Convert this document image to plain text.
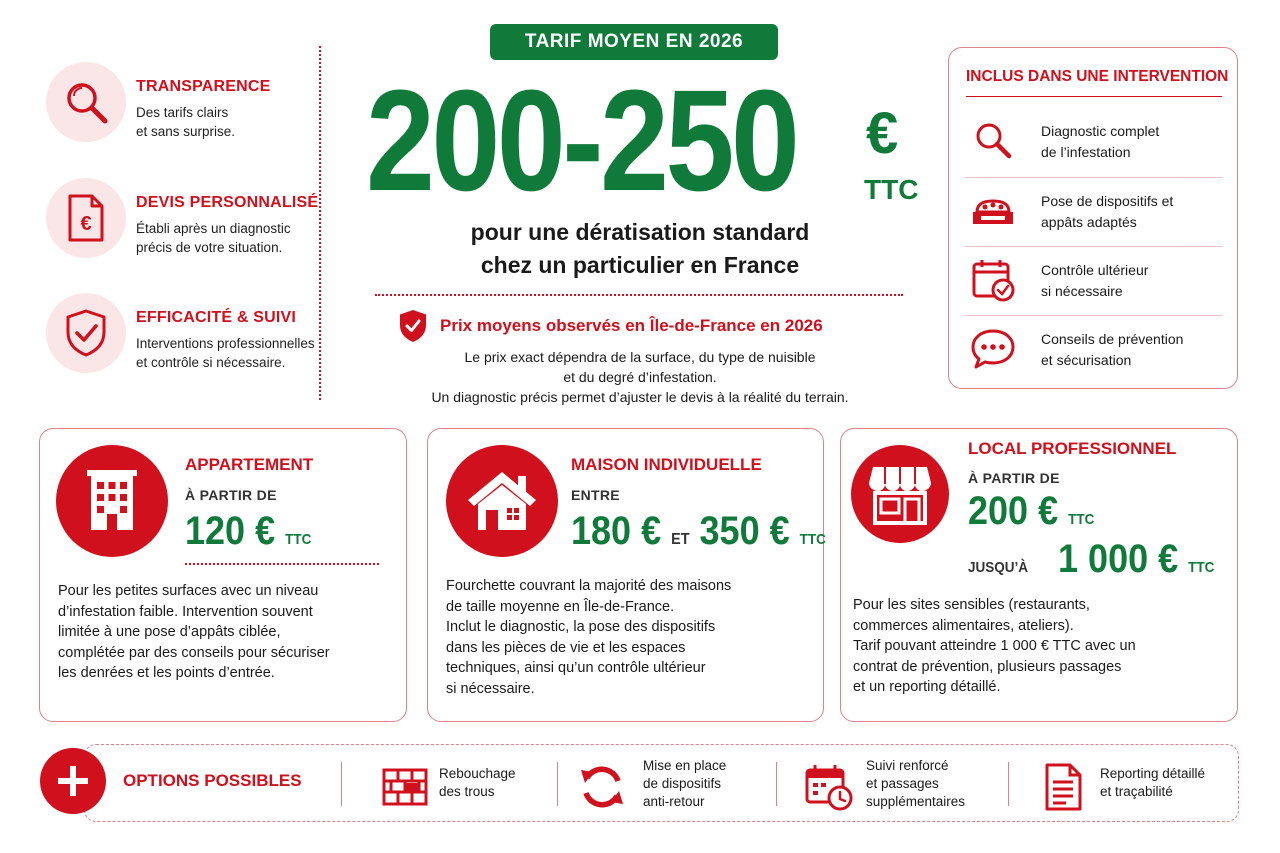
TRANSPARENCE
Des tarifs clairs
et sans surprise.
€
DEVIS PERSONNALISÉ
Établi après un diagnostic
précis de votre situation.
EFFICACITÉ & SUIVI
Interventions professionnelles
et contrôle si nécessaire.
TARIF MOYEN EN 2026
200-250 €
TTC
pour une dératisation standard
chez un particulier en France
Prix moyens observés en Île-de-France en 2026
Le prix exact dépendra de la surface, du type de nuisible
et du degré d’infestation.
Un diagnostic précis permet d’ajuster le devis à la réalité du terrain.
INCLUS DANS UNE INTERVENTION
Diagnostic complet
de l’infestation
Pose de dispositifs et
appâts adaptés
Contrôle ultérieur
si nécessaire
Conseils de prévention
et sécurisation
APPARTEMENT
À PARTIR DE
120 € TTC
Pour les petites surfaces avec un niveau
d’infestation faible. Intervention souvent
limitée à une pose d’appâts ciblée,
complétée par des conseils pour sécuriser
les denrées et les points d’entrée.
MAISON INDIVIDUELLE
ENTRE
180 € ET 350 € TTC
Fourchette couvrant la majorité des maisons
de taille moyenne en Île-de-France.
Inclut le diagnostic, la pose des dispositifs
dans les pièces de vie et les espaces
techniques, ainsi qu’un contrôle ultérieur
si nécessaire.
LOCAL PROFESSIONNEL
À PARTIR DE
200 € TTC
JUSQU’À 1 000 € TTC
Pour les sites sensibles (restaurants,
commerces alimentaires, ateliers).
Tarif pouvant atteindre 1 000 € TTC avec un
contrat de prévention, plusieurs passages
et un reporting détaillé.
OPTIONS POSSIBLES	Rebouchage
des trous
Mise en place
de dispositifs
anti-retour
Suivi renforcé
et passages
supplémentaires
Reporting détaillé
et traçabilité
